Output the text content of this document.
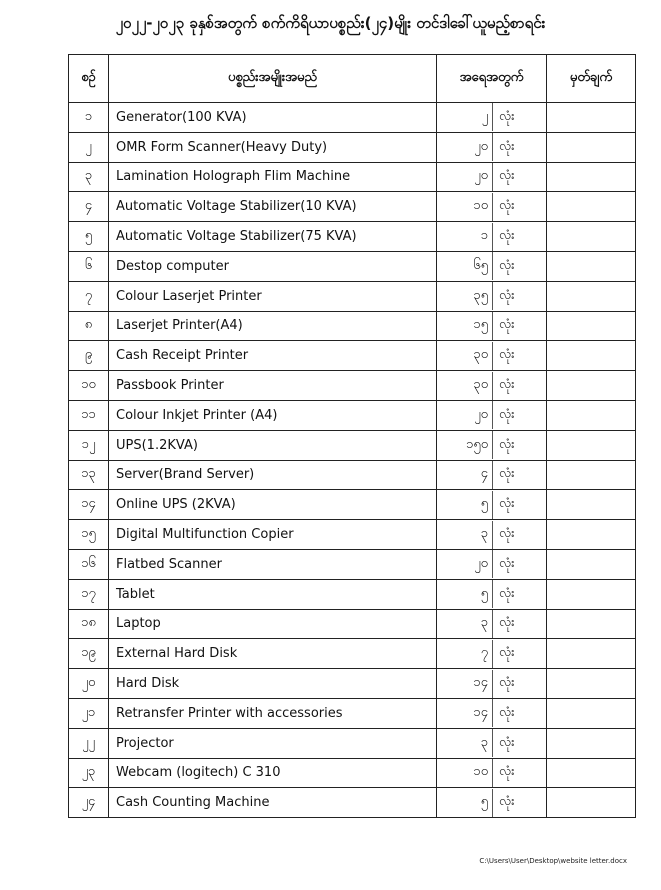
၂၀၂၂-၂၀၂၃ ခုနှစ်အတွက် စက်ကိရိယာပစ္စည်း(၂၄)မျိုး တင်ဒါခေါ်ယူမည့်စာရင်း
စဉ်	ပစ္စည်းအမျိုးအမည်	အရေအတွက်	မှတ်ချက်
၁	Generator(100 KVA)	၂ လုံး	

၂	OMR Form Scanner(Heavy Duty)	၂၀ လုံး	

၃	Lamination Holograph Flim Machine	၂၀ လုံး	

၄	Automatic Voltage Stabilizer(10 KVA)	၁၀ လုံး	

၅	Automatic Voltage Stabilizer(75 KVA)	၁ လုံး	

၆	Destop computer	၆၅ လုံး	

၇	Colour Laserjet Printer	၃၅ လုံး	

၈	Laserjet Printer(A4)	၁၅ လုံး	

၉	Cash Receipt Printer	၃၀ လုံး	

၁၀	Passbook Printer	၃၀ လုံး	

၁၁	Colour Inkjet Printer (A4)	၂၀ လုံး	

၁၂	UPS(1.2KVA)	၁၅၀ လုံး	

၁၃	Server(Brand Server)	၄ လုံး	

၁၄	Online UPS (2KVA)	၅ လုံး	

၁၅	Digital Multifunction Copier	၃ လုံး	

၁၆	Flatbed Scanner	၂၀ လုံး	

၁၇	Tablet	၅ လုံး	

၁၈	Laptop	၃ လုံး	

၁၉	External Hard Disk	၇ လုံး	

၂၀	Hard Disk	၁၄ လုံး	

၂၁	Retransfer Printer with accessories	၁၄ လုံး	

၂၂	Projector	၃ လုံး	

၂၃	Webcam (logitech) C 310	၁၀ လုံး	

၂၄	Cash Counting Machine	၅ လုံး	

C:\Users\User\Desktop\website letter.docx
